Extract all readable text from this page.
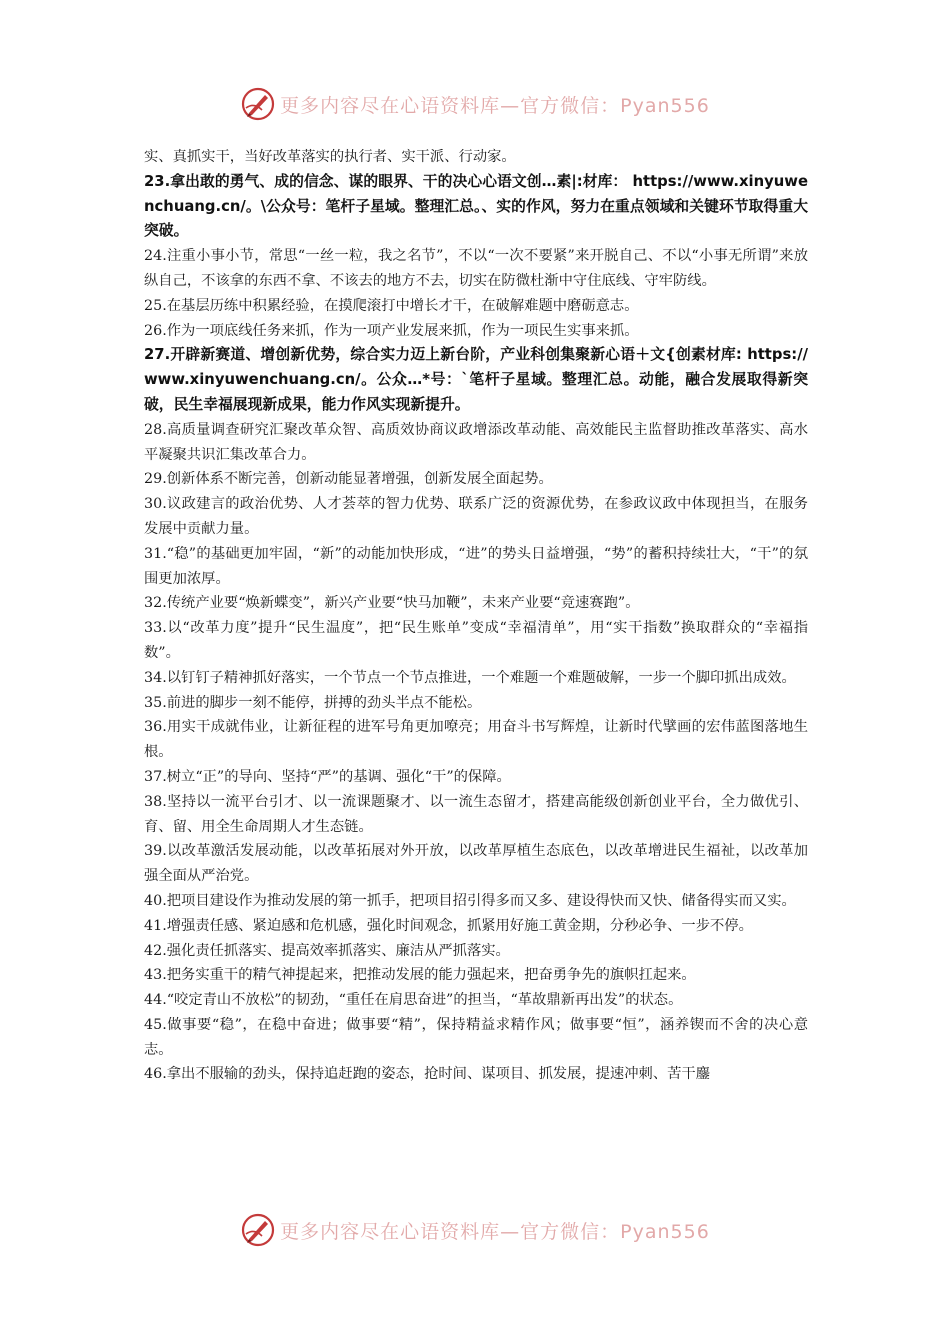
更多内容尽在心语资料库—官方微信：Pyan556

实、真抓实干，当好改革落实的执行者、实干派、行动家。

23.拿出敢的勇气、成的信念、谋的眼界、干的决心心语文创…素|:材库： https://www.xinyuwenchuang.cn/。\公众号：笔杆子星域。整理汇总。、实的作风，努力在重点领域和关键环节取得重大突破。

24.注重小事小节，常思“一丝一粒，我之名节”，不以“一次不要紧”来开脱自己、不以“小事无所谓”来放纵自己，不该拿的东西不拿、不该去的地方不去，切实在防微杜渐中守住底线、守牢防线。

25.在基层历练中积累经验，在摸爬滚打中增长才干，在破解难题中磨砺意志。

26.作为一项底线任务来抓，作为一项产业发展来抓，作为一项民生实事来抓。

27.开辟新赛道、增创新优势，综合实力迈上新台阶，产业科创集聚新心语＋文{创素材库: https://www.xinyuwenchuang.cn/。公众…*号：`笔杆子星域。整理汇总。动能，融合发展取得新突破，民生幸福展现新成果，能力作风实现新提升。

28.高质量调查研究汇聚改革众智、高质效协商议政增添改革动能、高效能民主监督助推改革落实、高水平凝聚共识汇集改革合力。

29.创新体系不断完善，创新动能显著增强，创新发展全面起势。

30.议政建言的政治优势、人才荟萃的智力优势、联系广泛的资源优势，在参政议政中体现担当，在服务发展中贡献力量。

31.“稳”的基础更加牢固，“新”的动能加快形成，“进”的势头日益增强，“势”的蓄积持续壮大，“干”的氛围更加浓厚。

32.传统产业要“焕新蝶变”，新兴产业要“快马加鞭”，未来产业要“竞速赛跑”。

33.以“改革力度”提升“民生温度”，把“民生账单”变成“幸福清单”，用“实干指数”换取群众的“幸福指数”。

34.以钉钉子精神抓好落实，一个节点一个节点推进，一个难题一个难题破解，一步一个脚印抓出成效。

35.前进的脚步一刻不能停，拼搏的劲头半点不能松。

36.用实干成就伟业，让新征程的进军号角更加嘹亮；用奋斗书写辉煌，让新时代擘画的宏伟蓝图落地生根。

37.树立“正”的导向、坚持“严”的基调、强化“干”的保障。

38.坚持以一流平台引才、以一流课题聚才、以一流生态留才，搭建高能级创新创业平台，全力做优引、育、留、用全生命周期人才生态链。

39.以改革激活发展动能，以改革拓展对外开放，以改革厚植生态底色，以改革增进民生福祉，以改革加强全面从严治党。

40.把项目建设作为推动发展的第一抓手，把项目招引得多而又多、建设得快而又快、储备得实而又实。

41.增强责任感、紧迫感和危机感，强化时间观念，抓紧用好施工黄金期，分秒必争、一步不停。

42.强化责任抓落实、提高效率抓落实、廉洁从严抓落实。

43.把务实重干的精气神提起来，把推动发展的能力强起来，把奋勇争先的旗帜扛起来。

44.“咬定青山不放松”的韧劲，“重任在肩思奋进”的担当，“革故鼎新再出发”的状态。

45.做事要“稳”，在稳中奋进；做事要“精”，保持精益求精作风；做事要“恒”，涵养锲而不舍的决心意志。

46.拿出不服输的劲头，保持追赶跑的姿态，抢时间、谋项目、抓发展，提速冲刺、苦干鏖

更多内容尽在心语资料库—官方微信：Pyan556
